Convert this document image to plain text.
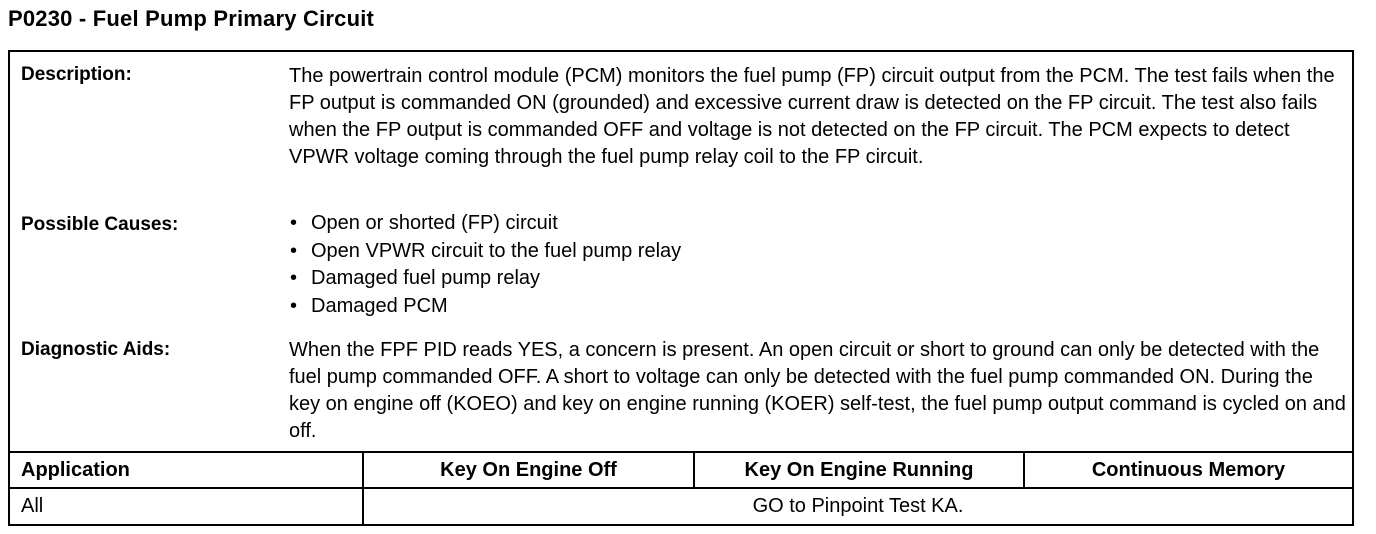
P0230 - Fuel Pump Primary Circuit
Description:	The powertrain control module (PCM) monitors the fuel pump (FP) circuit output from the PCM. The test fails when the FP output is commanded ON (grounded) and excessive current draw is detected on the FP circuit. The test also fails when the FP output is commanded OFF and voltage is not detected on the FP circuit. The PCM expects to detect VPWR voltage coming through the fuel pump relay coil to the FP circuit.

Possible Causes:
•	Open or shorted (FP) circuit
• Open VPWR circuit to the fuel pump relay
• Damaged fuel pump relay
• Damaged PCM
Diagnostic Aids:	When the FPF PID reads YES, a concern is present. An open circuit or short to ground can only be detected with the fuel pump commanded OFF. A short to voltage can only be detected with the fuel pump commanded ON. During the key on engine off (KOEO) and key on engine running (KOER) self-test, the fuel pump output command is cycled on and off.

Application	Key On Engine Off	Key On Engine Running	Continuous Memory
All	GO to Pinpoint Test KA.
